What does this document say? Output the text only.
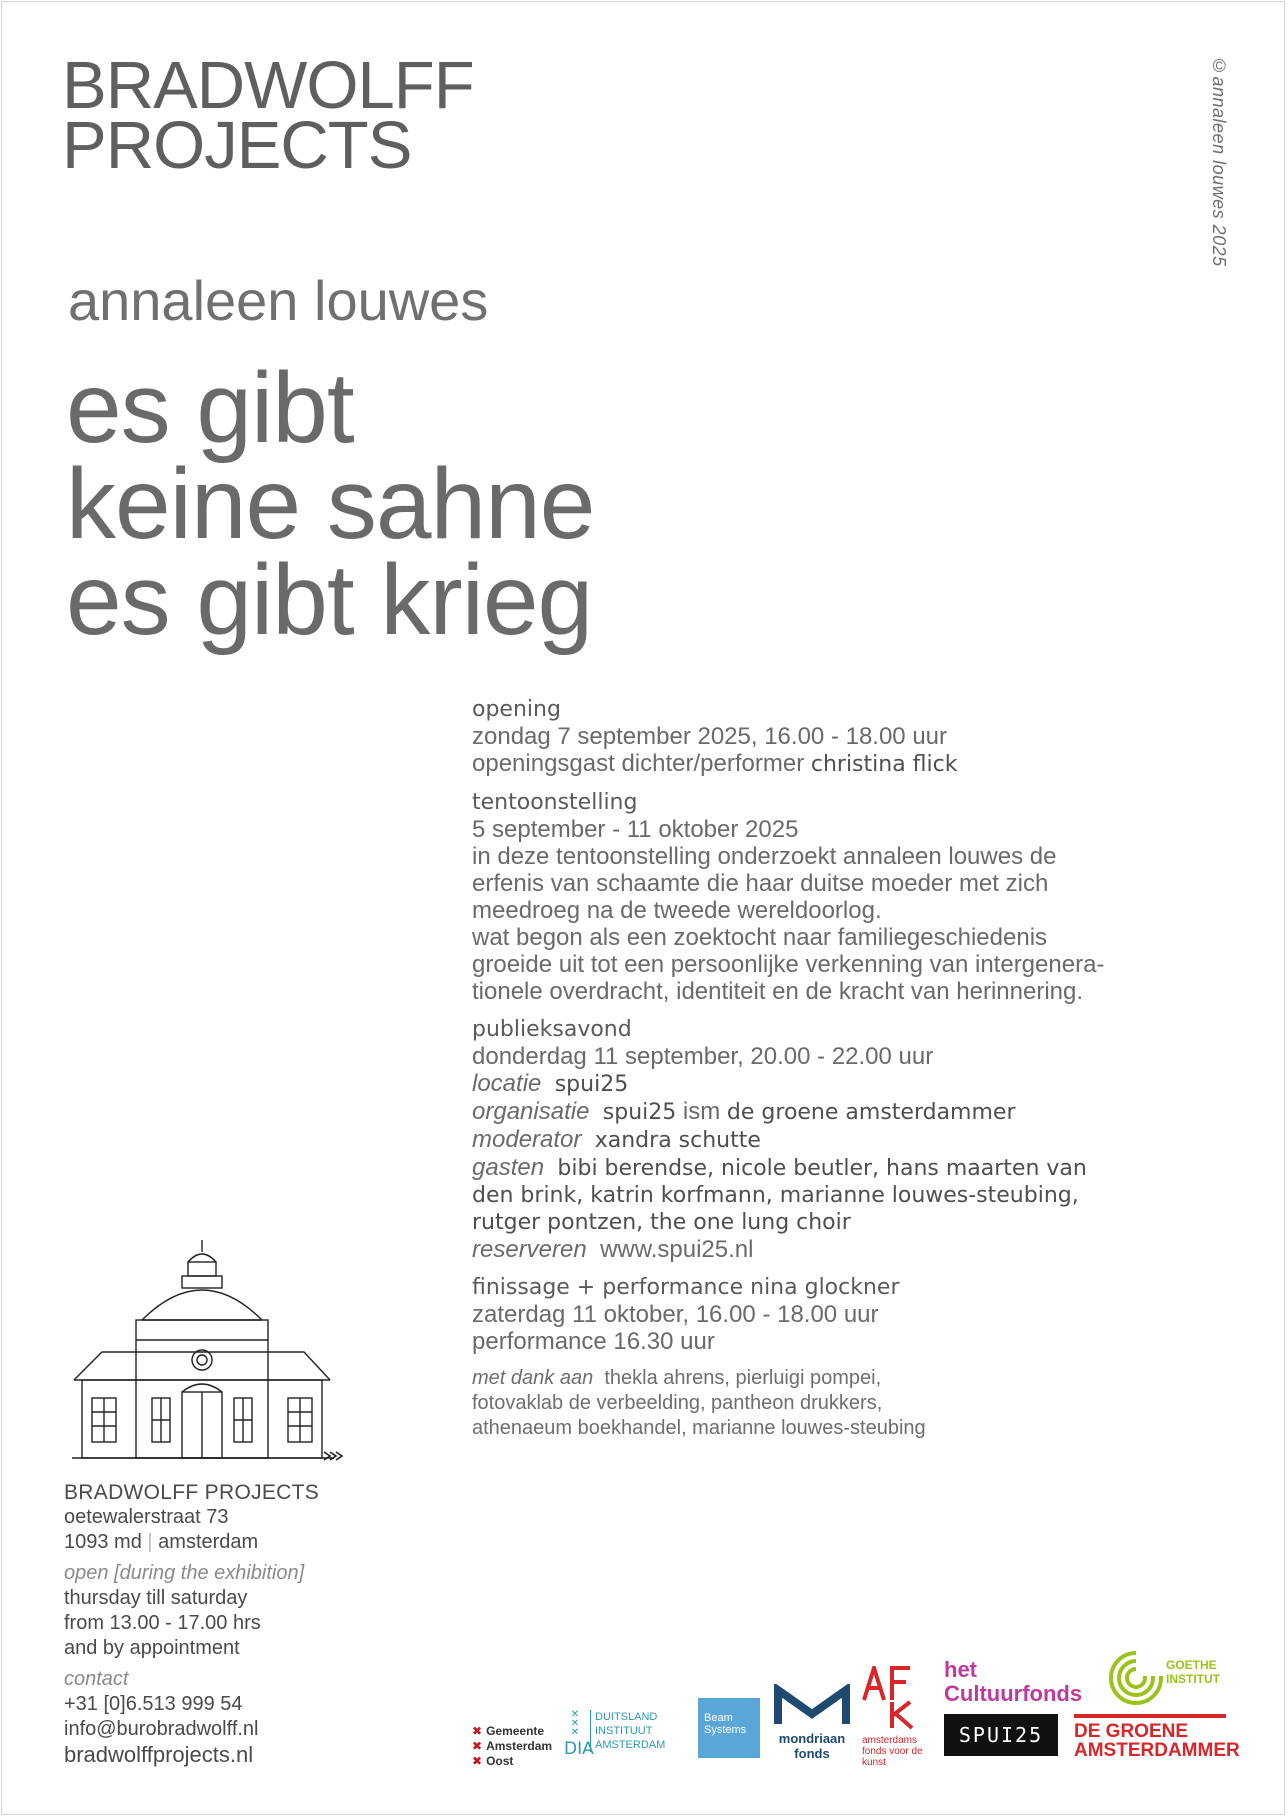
BRADWOLFF
PROJECTS	©annaleen louwes 2025
annaleen louwes
es gibt
keine sahne
es gibt krieg
opening
zondag 7 september 2025, 16.00 - 18.00 uur
openingsgast dichter/performer christina flick
tentoonstelling
5 september - 11 oktober 2025
in deze tentoonstelling onderzoekt annaleen louwes de
erfenis van schaamte die haar duitse moeder met zich
meedroeg na de tweede wereldoorlog.
wat begon als een zoektocht naar familiegeschiedenis
groeide uit tot een persoonlijke verkenning van intergenera-
tionele overdracht, identiteit en de kracht van herinnering.
publieksavond
donderdag 11 september, 20.00 - 22.00 uur
locatie spui25
organisatie spui25 ism de groene amsterdammer
moderator xandra schutte
gasten bibi berendse, nicole beutler, hans maarten van
den brink, katrin korfmann, marianne louwes-steubing,
rutger pontzen, the one lung choir
reserveren www.spui25.nl
finissage + performance nina glockner
zaterdag 11 oktober, 16.00 - 18.00 uur
performance 16.30 uur
met dank aan thekla ahrens, pierluigi pompei,
fotovaklab de verbeelding, pantheon drukkers,
athenaeum boekhandel, marianne louwes-steubing
BRADWOLFF PROJECTS
oetewalerstraat 73
1093 md | amsterdam
open [during the exhibition]
thursday till saturday
from 13.00 - 17.00 hrs
and by appointment
contact
+31 [0]6.513 999 54
info@burobradwolff.nl
bradwolffprojects.nl
✖ Gemeente
✖ Amsterdam
✖ Oost
✕
✕
✕
DIA
DUITSLAND
INSTITUUT
AMSTERDAM
Beam Systems
mondriaan
fonds
amsterdams fonds voor de kunst
het
Cultuurfonds
SPUI25
GOETHE
INSTITUT
DE GROENE
AMSTERDAMMER
